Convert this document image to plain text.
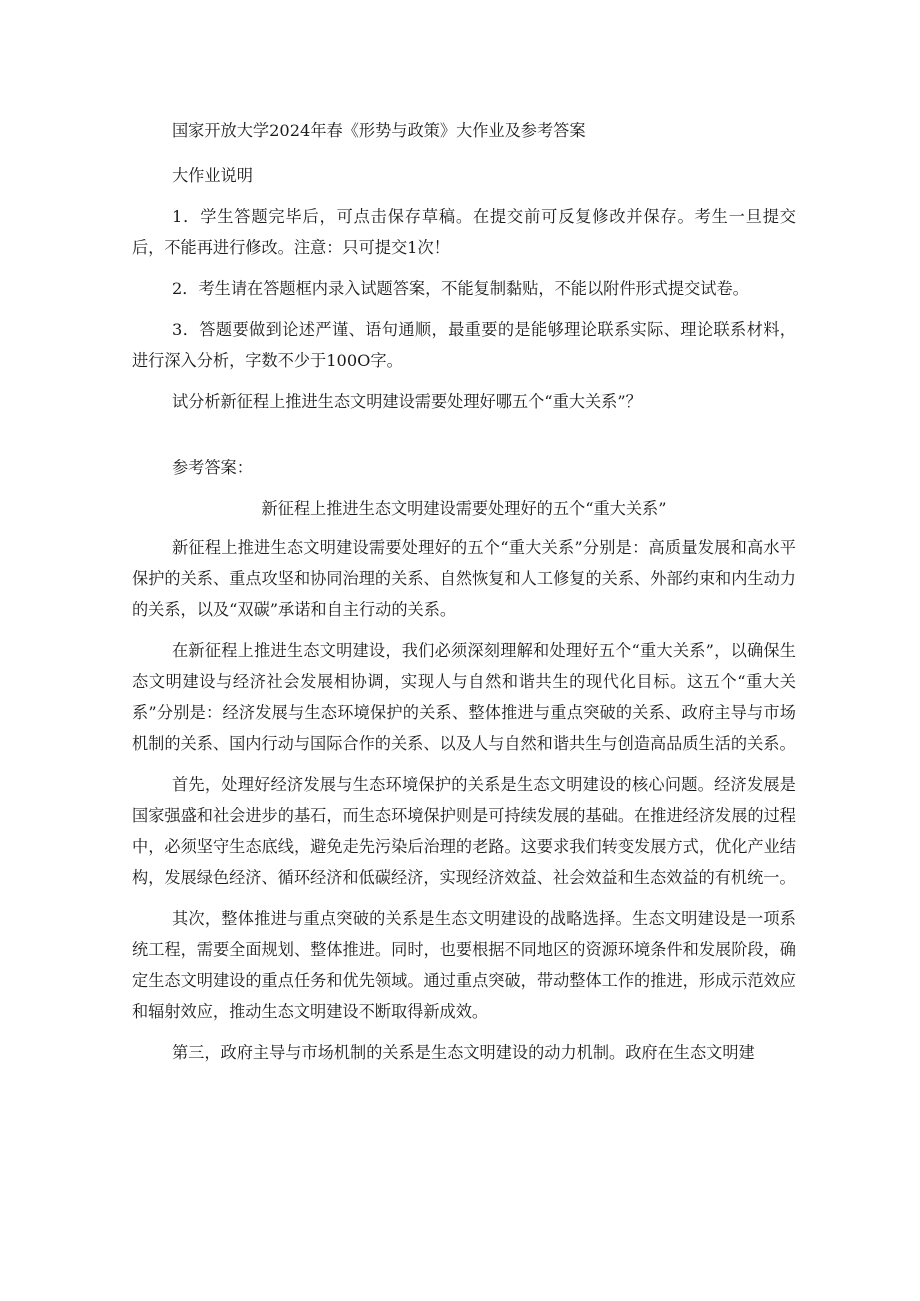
国家开放大学2024年春《形势与政策》大作业及参考答案

大作业说明

1．学生答题完毕后，可点击保存草稿。在提交前可反复修改并保存。考生一旦提交后，不能再进行修改。注意：只可提交1次！

2．考生请在答题框内录入试题答案，不能复制黏贴，不能以附件形式提交试卷。

3．答题要做到论述严谨、语句通顺，最重要的是能够理论联系实际、理论联系材料，进行深入分析，字数不少于100O字。

试分析新征程上推进生态文明建设需要处理好哪五个“重大关系”？

参考答案：

新征程上推进生态文明建设需要处理好的五个“重大关系”

新征程上推进生态文明建设需要处理好的五个“重大关系”分别是：高质量发展和高水平保护的关系、重点攻坚和协同治理的关系、自然恢复和人工修复的关系、外部约束和内生动力的关系，以及“双碳”承诺和自主行动的关系。

在新征程上推进生态文明建设，我们必须深刻理解和处理好五个“重大关系”，以确保生态文明建设与经济社会发展相协调，实现人与自然和谐共生的现代化目标。这五个“重大关系”分别是：经济发展与生态环境保护的关系、整体推进与重点突破的关系、政府主导与市场机制的关系、国内行动与国际合作的关系、以及人与自然和谐共生与创造高品质生活的关系。

首先，处理好经济发展与生态环境保护的关系是生态文明建设的核心问题。经济发展是国家强盛和社会进步的基石，而生态环境保护则是可持续发展的基础。在推进经济发展的过程中，必须坚守生态底线，避免走先污染后治理的老路。这要求我们转变发展方式，优化产业结构，发展绿色经济、循环经济和低碳经济，实现经济效益、社会效益和生态效益的有机统一。

其次，整体推进与重点突破的关系是生态文明建设的战略选择。生态文明建设是一项系统工程，需要全面规划、整体推进。同时，也要根据不同地区的资源环境条件和发展阶段，确定生态文明建设的重点任务和优先领域。通过重点突破，带动整体工作的推进，形成示范效应和辐射效应，推动生态文明建设不断取得新成效。

第三，政府主导与市场机制的关系是生态文明建设的动力机制。政府在生态文明建
